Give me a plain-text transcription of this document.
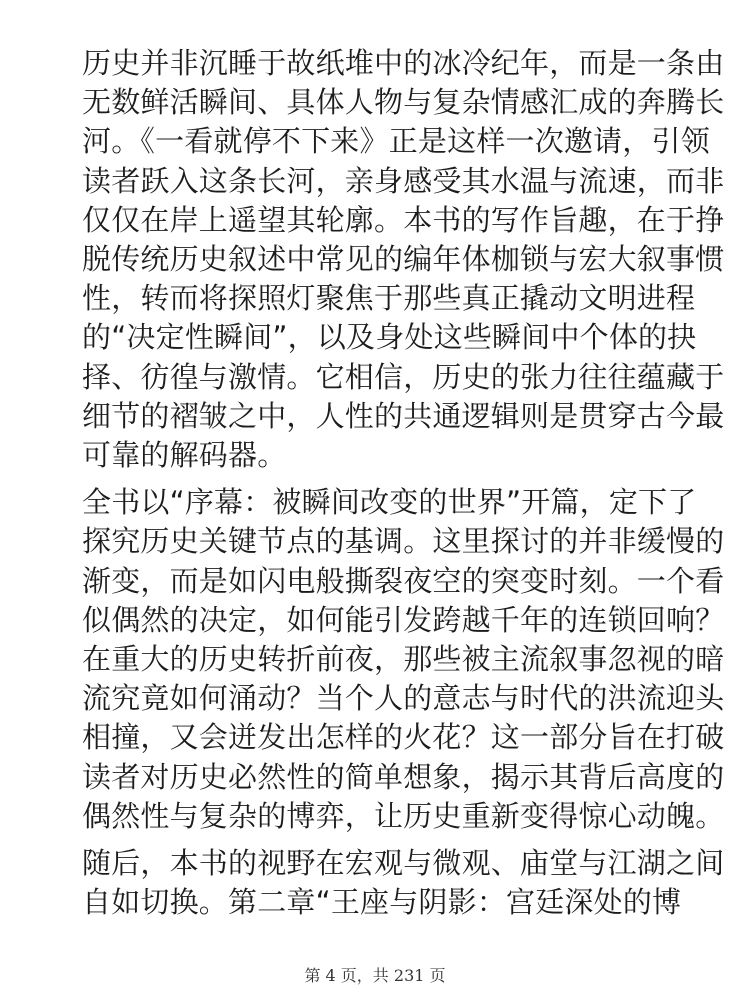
历史并非沉睡于故纸堆中的冰冷纪年，而是一条由
无数鲜活瞬间、具体人物与复杂情感汇成的奔腾长
河。《一看就停不下来》正是这样一次邀请，引领
读者跃入这条长河，亲身感受其水温与流速，而非
仅仅在岸上遥望其轮廓。本书的写作旨趣，在于挣
脱传统历史叙述中常见的编年体枷锁与宏大叙事惯
性，转而将探照灯聚焦于那些真正撬动文明进程
的“决定性瞬间”，以及身处这些瞬间中个体的抉
择、彷徨与激情。它相信，历史的张力往往蕴藏于
细节的褶皱之中，人性的共通逻辑则是贯穿古今最
可靠的解码器。

全书以“序幕：被瞬间改变的世界”开篇，定下了
探究历史关键节点的基调。这里探讨的并非缓慢的
渐变，而是如闪电般撕裂夜空的突变时刻。一个看
似偶然的决定，如何能引发跨越千年的连锁回响？
在重大的历史转折前夜，那些被主流叙事忽视的暗
流究竟如何涌动？当个人的意志与时代的洪流迎头
相撞，又会迸发出怎样的火花？这一部分旨在打破
读者对历史必然性的简单想象，揭示其背后高度的
偶然性与复杂的博弈，让历史重新变得惊心动魄。

随后，本书的视野在宏观与微观、庙堂与江湖之间
自如切换。第二章“王座与阴影：宫廷深处的博

第 4 页，共 231 页
